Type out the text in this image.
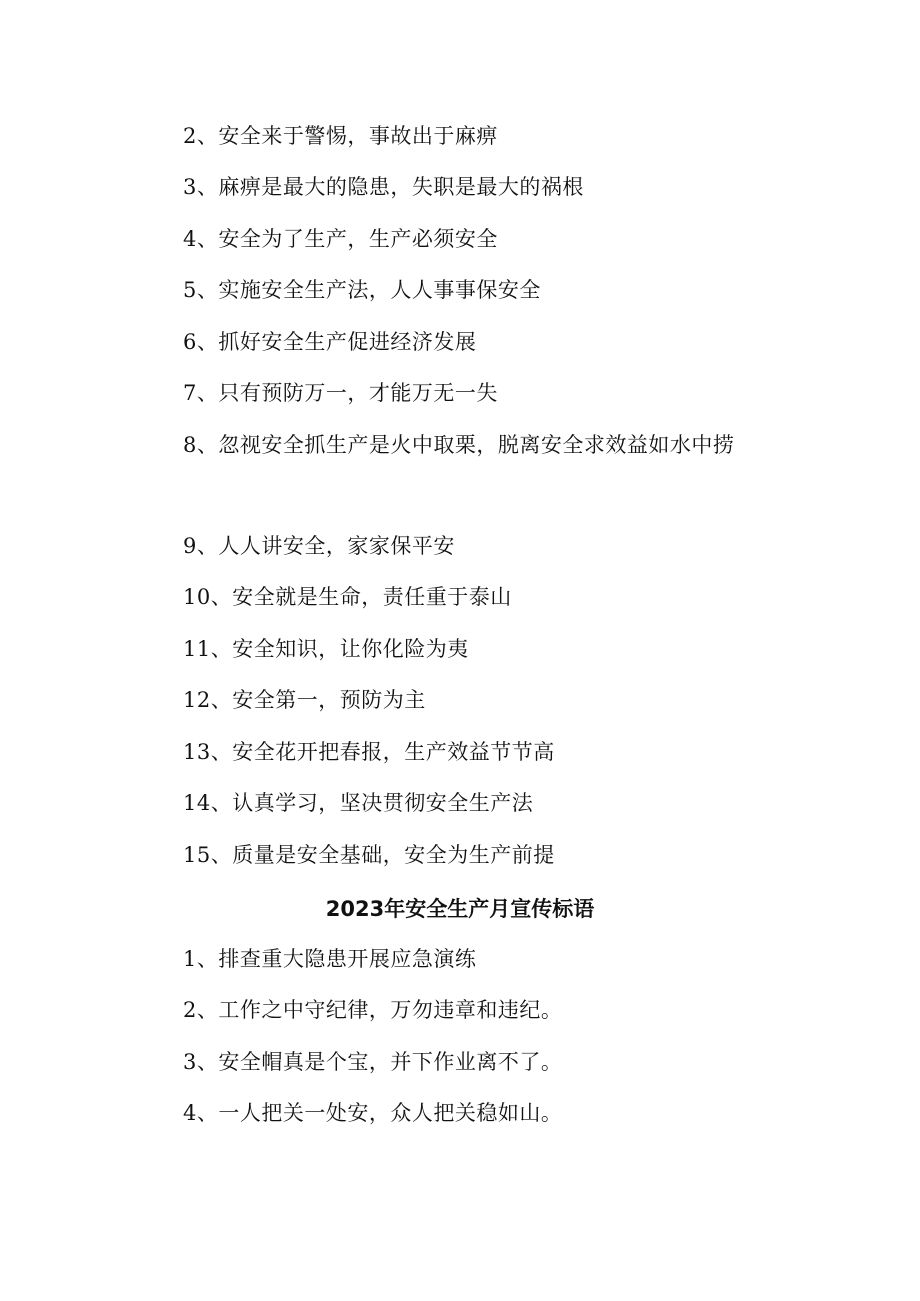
2、安全来于警惕，事故出于麻痹
3、麻痹是最大的隐患，失职是最大的祸根
4、安全为了生产，生产必须安全
5、实施安全生产法，人人事事保安全
6、抓好安全生产促进经济发展
7、只有预防万一，才能万无一失
8、忽视安全抓生产是火中取栗，脱离安全求效益如水中捞
9、人人讲安全，家家保平安
10、安全就是生命，责任重于泰山
11、安全知识，让你化险为夷
12、安全第一，预防为主
13、安全花开把春报，生产效益节节高
14、认真学习，坚决贯彻安全生产法
15、质量是安全基础，安全为生产前提
2023年安全生产月宣传标语
1、排查重大隐患开展应急演练
2、工作之中守纪律，万勿违章和违纪。
3、安全帽真是个宝，并下作业离不了。
4、一人把关一处安，众人把关稳如山。
